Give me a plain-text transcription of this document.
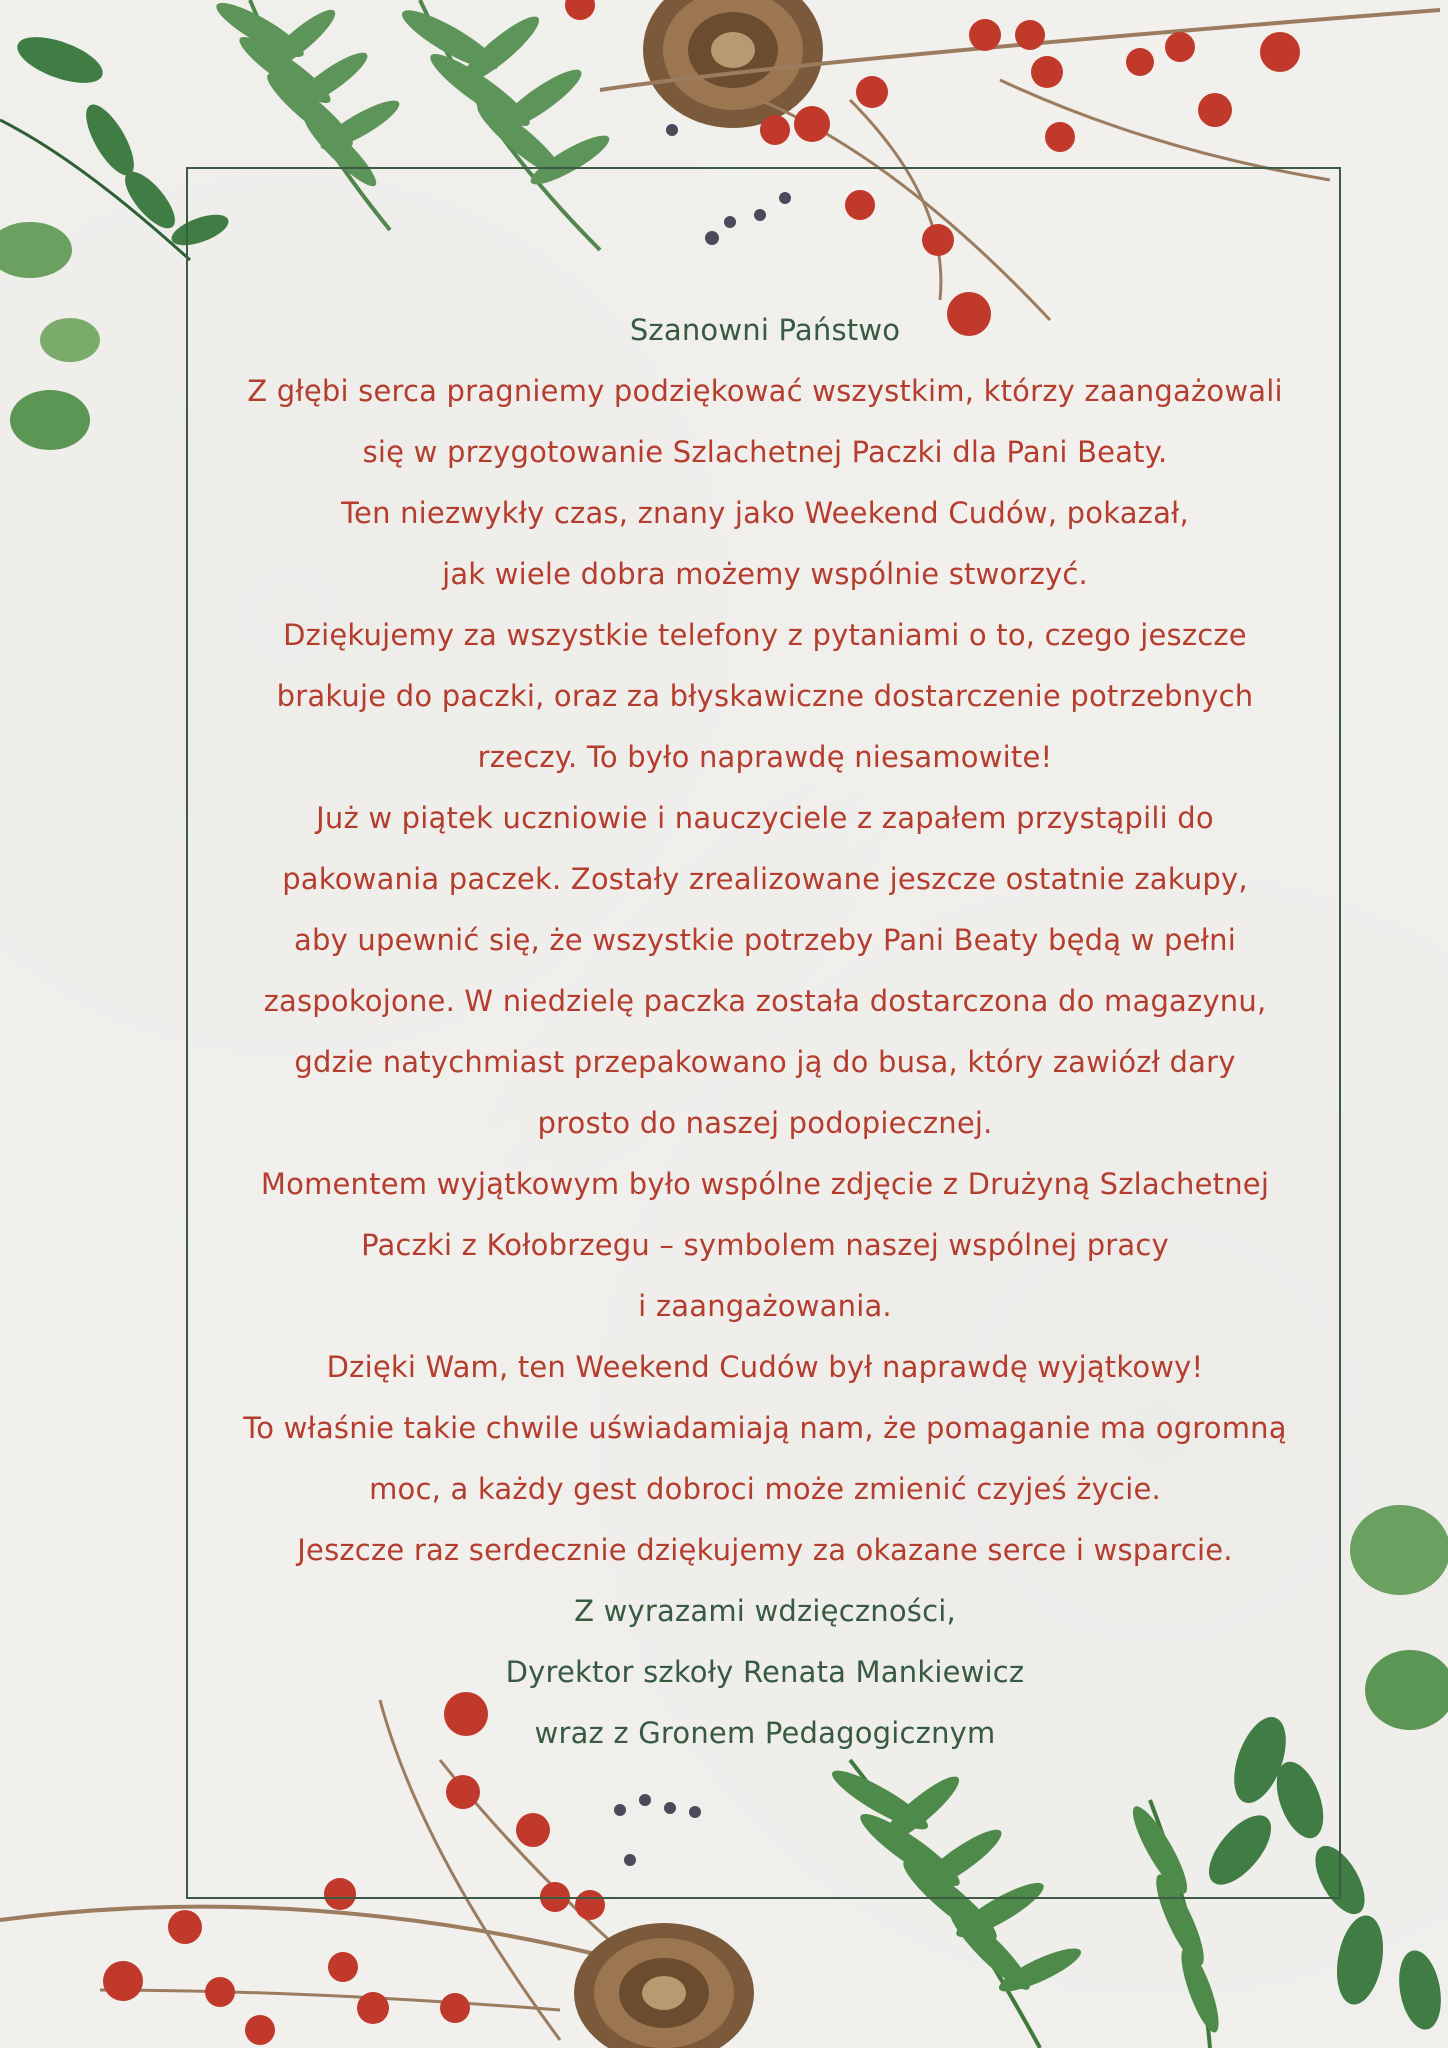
Szanowni Państwo
Z głębi serca pragniemy podziękować wszystkim, którzy zaangażowali
się w przygotowanie Szlachetnej Paczki dla Pani Beaty.
Ten niezwykły czas, znany jako Weekend Cudów, pokazał,
jak wiele dobra możemy wspólnie stworzyć.
Dziękujemy za wszystkie telefony z pytaniami o to, czego jeszcze
brakuje do paczki, oraz za błyskawiczne dostarczenie potrzebnych
rzeczy. To było naprawdę niesamowite!
Już w piątek uczniowie i nauczyciele z zapałem przystąpili do
pakowania paczek. Zostały zrealizowane jeszcze ostatnie zakupy,
aby upewnić się, że wszystkie potrzeby Pani Beaty będą w pełni
zaspokojone. W niedzielę paczka została dostarczona do magazynu,
gdzie natychmiast przepakowano ją do busa, który zawiózł dary
prosto do naszej podopiecznej.
Momentem wyjątkowym było wspólne zdjęcie z Drużyną Szlachetnej
Paczki z Kołobrzegu – symbolem naszej wspólnej pracy
i zaangażowania.
Dzięki Wam, ten Weekend Cudów był naprawdę wyjątkowy!
To właśnie takie chwile uświadamiają nam, że pomaganie ma ogromną
moc, a każdy gest dobroci może zmienić czyjeś życie.
Jeszcze raz serdecznie dziękujemy za okazane serce i wsparcie.
Z wyrazami wdzięczności,
Dyrektor szkoły Renata Mankiewicz
wraz z Gronem Pedagogicznym
